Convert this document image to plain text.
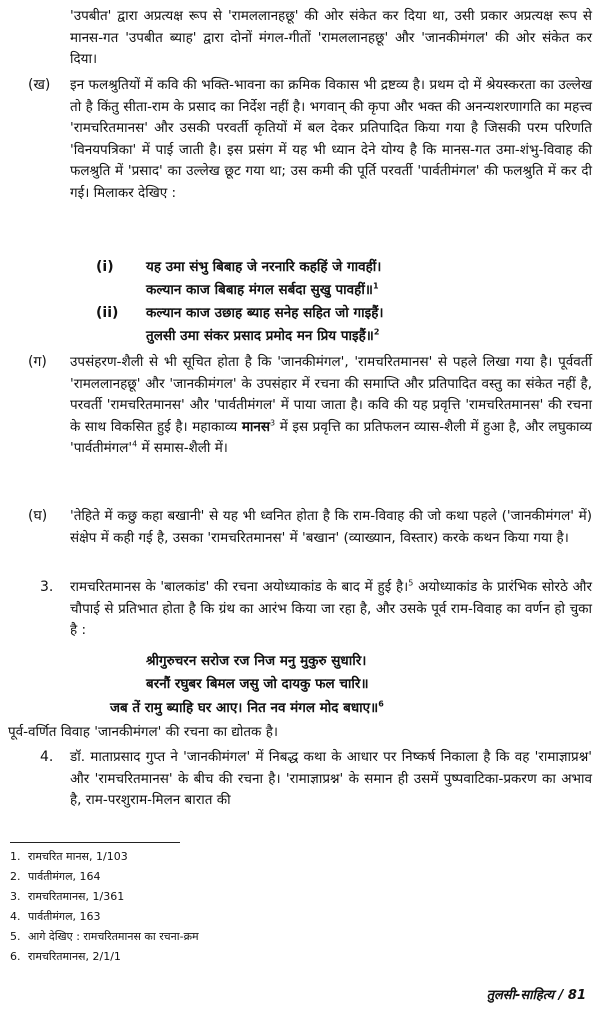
'उपबीत' द्वारा अप्रत्यक्ष रूप से 'रामललानहछू' की ओर संकेत कर दिया था, उसी प्रकार अप्रत्यक्ष रूप से मानस-गत 'उपबीत ब्याह' द्वारा दोनों मंगल-गीतों 'रामललानहछू' और 'जानकीमंगल' की ओर संकेत कर दिया।
(ख) इन फलश्रुतियों में कवि की भक्ति-भावना का क्रमिक विकास भी द्रष्टव्य है। प्रथम दो में श्रेयस्करता का उल्लेख तो है किंतु सीता-राम के प्रसाद का निर्देश नहीं है। भगवान् की कृपा और भक्त की अनन्यशरणागति का महत्त्व 'रामचरितमानस' और उसकी परवर्ती कृतियों में बल देकर प्रतिपादित किया गया है जिसकी परम परिणति 'विनयपत्रिका' में पाई जाती है। इस प्रसंग में यह भी ध्यान देने योग्य है कि मानस-गत उमा-शंभु-विवाह की फलश्रुति में 'प्रसाद' का उल्लेख छूट गया था; उस कमी की पूर्ति परवर्ती 'पार्वतीमंगल' की फलश्रुति में कर दी गई। मिलाकर देखिए :
(i) यह उमा संभु बिबाह जे नरनारि कहहिं जे गावहीं।
कल्यान काज बिबाह मंगल सर्बदा सुखु पावहीं॥$^1$
(ii) कल्यान काज उछाह ब्याह सनेह सहित जो गाइहैं।
तुलसी उमा संकर प्रसाद प्रमोद मन प्रिय पाइहैं॥$^2$
(ग) उपसंहरण-शैली से भी सूचित होता है कि 'जानकीमंगल', 'रामचरितमानस' से पहले लिखा गया है। पूर्ववर्ती 'रामललानहछू' और 'जानकीमंगल' के उपसंहार में रचना की समाप्ति और प्रतिपादित वस्तु का संकेत नहीं है, परवर्ती 'रामचरितमानस' और 'पार्वतीमंगल' में पाया जाता है। कवि की यह प्रवृत्ति 'रामचरितमानस' की रचना के साथ विकसित हुई है। महाकाव्य मानस$^3$ में इस प्रवृत्ति का प्रतिफलन व्यास-शैली में हुआ है, और लघुकाव्य '$पार्वतीमंगल'^4$ में समास-शैली में।
(घ) 'तेहिते में कछु कहा बखानी' से यह भी ध्वनित होता है कि राम-विवाह की जो कथा पहले ('जानकीमंगल' में) संक्षेप में कही गई है, उसका 'रामचरितमानस' में 'बखान' (व्याख्यान, विस्तार) करके कथन किया गया है।
3. रामचरितमानस के 'बालकांड' की रचना अयोध्याकांड के बाद में हुई है।$^5$ अयोध्याकांड के प्रारंभिक सोरठे और चौपाई से प्रतिभात होता है कि ग्रंथ का आरंभ किया जा रहा है, और उसके पूर्व राम-विवाह का वर्णन हो चुका है :
श्रीगुरुचरन सरोज रज निज मनु मुकुरु सुधारि।
बरनौं रघुबर बिमल जसु जो दायकु फल चारि॥
जब तें रामु ब्याहि घर आए। नित नव मंगल मोद बधाए॥$^6$
पूर्व-वर्णित विवाह 'जानकीमंगल' की रचना का द्योतक है।
4. डॉ. माताप्रसाद गुप्त ने 'जानकीमंगल' में निबद्ध कथा के आधार पर निष्कर्ष निकाला है कि वह 'रामाज्ञाप्रश्न' और 'रामचरितमानस' के बीच की रचना है। 'रामाज्ञाप्रश्न' के समान ही उसमें पुष्पवाटिका-प्रकरण का अभाव है, राम-परशुराम-मिलन बारात की
1. रामचरित मानस, 1/103
2. पार्वतीमंगल, 164
3. रामचरितमानस, 1/361
4. पार्वतीमंगल, 163
5. आगे देखिए : रामचरितमानस का रचना-क्रम
6. रामचरितमानस, 2/1/1
तुलसी-साहित्य / 81
